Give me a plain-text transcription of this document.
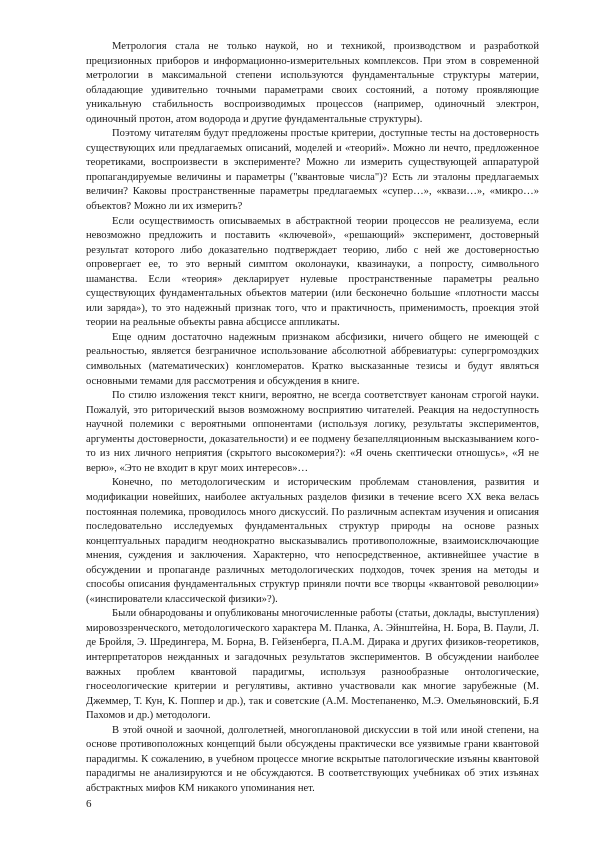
Метрология стала не только наукой, но и техникой, производством и разработкой прецизионных приборов и информационно-измерительных комплексов. При этом в современной метрологии в максимальной степени используются фундаментальные структуры материи, обладающие удивительно точными параметрами своих состояний, а потому проявляющие уникальную стабильность воспроизводимых процессов (например, одиночный электрон, одиночный протон, атом водорода и другие фундаментальные структуры).

Поэтому читателям будут предложены простые критерии, доступные тесты на достоверность существующих или предлагаемых описаний, моделей и «теорий». Можно ли нечто, предложенное теоретиками, воспроизвести в эксперименте? Можно ли измерить существующей аппаратурой пропагандируемые величины и параметры ("квантовые числа")? Есть ли эталоны предлагаемых величин? Каковы пространственные параметры предлагаемых «супер…», «квази…», «микро…» объектов? Можно ли их измерить?

Если осуществимость описываемых в абстрактной теории процессов не реализуема, если невозможно предложить и поставить «ключевой», «решающий» эксперимент, достоверный результат которого либо доказательно подтверждает теорию, либо с ней же достоверностью опровергает ее, то это верный симптом околонауки, квазинауки, а попросту, символьного шаманства. Если «теория» декларирует нулевые пространственные параметры реально существующих фундаментальных объектов материи (или бесконечно большие «плотности массы или заряда»), то это надежный признак того, что и практичность, применимость, проекция этой теории на реальные объекты равна абсциссе аппликаты.

Еще одним достаточно надежным признаком абсфизики, ничего общего не имеющей с реальностью, является безграничное использование абсолютной аббревиатуры: супергромоздких символьных (математических) конгломератов. Кратко высказанные тезисы и будут являться основными темами для рассмотрения и обсуждения в книге.

По стилю изложения текст книги, вероятно, не всегда соответствует канонам строгой науки. Пожалуй, это риторический вызов возможному восприятию читателей. Реакция на недоступность научной полемики с вероятными оппонентами (используя логику, результаты экспериментов, аргументы достоверности, доказательности) и ее подмену безапелляционным высказыванием кого-то из них личного неприятия (скрытого высокомерия?): «Я очень скептически отношусь», «Я не верю», «Это не входит в круг моих интересов»…

Конечно, по методологическим и историческим проблемам становления, развития и модификации новейших, наиболее актуальных разделов физики в течение всего ХХ века велась постоянная полемика, проводилось много дискуссий. По различным аспектам изучения и описания последовательно исследуемых фундаментальных структур природы на основе разных концептуальных парадигм неоднократно высказывались противоположные, взаимоисключающие мнения, суждения и заключения. Характерно, что непосредственное, активнейшее участие в обсуждении и пропаганде различных методологических подходов, точек зрения на методы и способы описания фундаментальных структур приняли почти все творцы «квантовой революции» («инспирователи классической физики»?).

Были обнародованы и опубликованы многочисленные работы (статьи, доклады, выступления) мировоззренческого, методологического характера М. Планка, А. Эйнштейна, Н. Бора, В. Паули, Л. де Бройля, Э. Шредингера, М. Борна, В. Гейзенберга, П.А.М. Дирака и других физиков-теоретиков, интерпретаторов нежданных и загадочных результатов экспериментов. В обсуждении наиболее важных проблем квантовой парадигмы, используя разнообразные онтологические, гносеологические критерии и регулятивы, активно участвовали как многие зарубежные (М. Джеммер, Т. Кун, К. Поппер и др.), так и советские (А.М. Мостепаненко, М.Э. Омельяновский, Б.Я Пахомов и др.) методологи.

В этой очной и заочной, долголетней, многоплановой дискуссии в той или иной степени, на основе противоположных концепций были обсуждены практически все уязвимые грани квантовой парадигмы. К сожалению, в учебном процессе многие вскрытые патологические изъяны квантовой парадигмы не анализируются и не обсуждаются. В соответствующих учебниках об этих изъянах абстрактных мифов КМ никакого упоминания нет.

6
